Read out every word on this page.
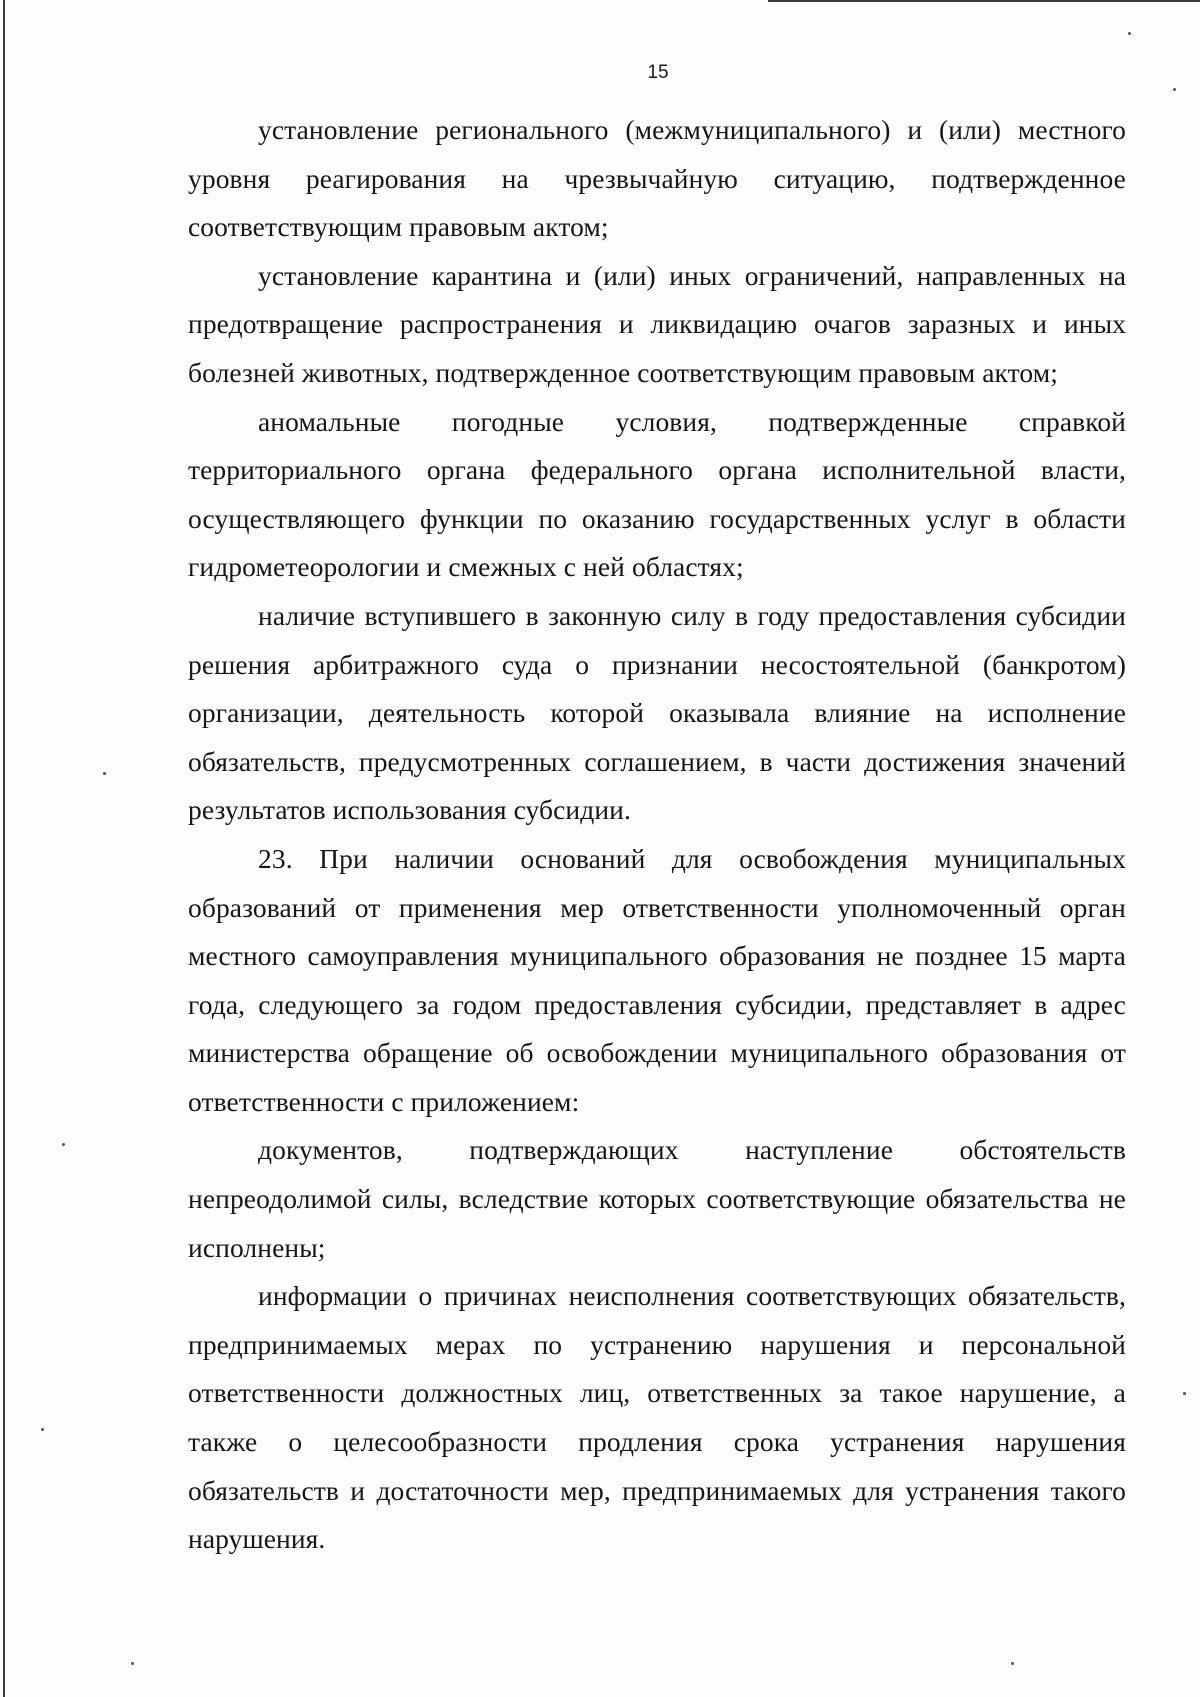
15

установление регионального (межмуниципального) и (или) местного уровня реагирования на чрезвычайную ситуацию, подтвержденное соответствующим правовым актом;

установление карантина и (или) иных ограничений, направленных на предотвращение распространения и ликвидацию очагов заразных и иных болезней животных, подтвержденное соответствующим правовым актом;

аномальные погодные условия, подтвержденные справкой территориального органа федерального органа исполнительной власти, осуществляющего функции по оказанию государственных услуг в области гидрометеорологии и смежных с ней областях;

наличие вступившего в законную силу в году предоставления субсидии решения арбитражного суда о признании несостоятельной (банкротом) организации, деятельность которой оказывала влияние на исполнение обязательств, предусмотренных соглашением, в части достижения значений результатов использования субсидии.

23. При наличии оснований для освобождения муниципальных образований от применения мер ответственности уполномоченный орган местного самоуправления муниципального образования не позднее 15 марта года, следующего за годом предоставления субсидии, представляет в адрес министерства обращение об освобождении муниципального образования от ответственности с приложением:

документов, подтверждающих наступление обстоятельств непреодолимой силы, вследствие которых соответствующие обязательства не исполнены;

информации о причинах неисполнения соответствующих обязательств, предпринимаемых мерах по устранению нарушения и персональной ответственности должностных лиц, ответственных за такое нарушение, а также о целесообразности продления срока устранения нарушения обязательств и достаточности мер, предпринимаемых для устранения такого нарушения.
